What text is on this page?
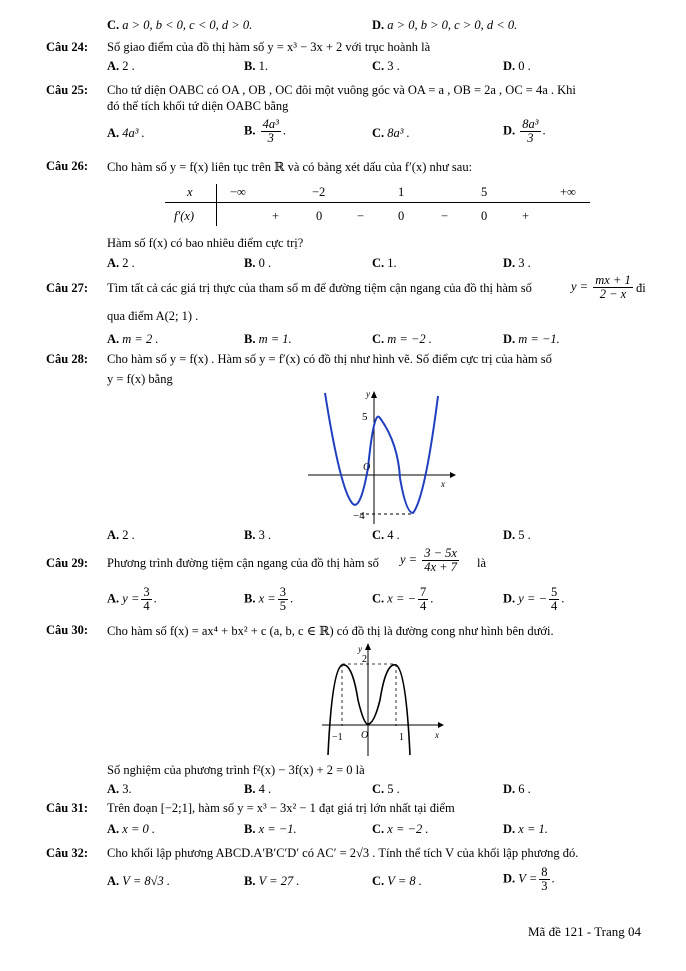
C. a > 0, b < 0, c < 0, d > 0.	D. a > 0, b > 0, c > 0, d < 0.
Câu 24: Số giao điểm của đồ thị hàm số y = x³ − 3x + 2 với trục hoành là
A. 2 .	B. 1.	C. 3 .	D. 0 .
Câu 25: Cho tứ diện OABC có OA , OB , OC đôi một vuông góc và OA = a , OB = 2a , OC = 4a . Khi
đó thể tích khối tứ diện OABC bằng
A. 4a³ .	B. $\frac{\text{4a³}}{3}$ .	C. 8a³ .	D. $\frac{\text{8a³}}{3}$ .
Câu 26: Cho hàm số y = f(x) liên tục trên ℝ và có bảng xét dấu của f′(x) như sau:
x	−∞	−2	1	5	+∞
f′(x)	+	0	−	0	−	0	+
Hàm số f(x) có bao nhiêu điểm cực trị?
A. 2 .	B. 0 .	C. 1.	D. 3 .
Câu 27: Tìm tất cả các giá trị thực của tham số m để đường tiệm cận ngang của đồ thị hàm số	$y = \frac{mx + 1}{2 - x}$ đi
qua điểm A(2; 1) .
A. m = 2 .	B. m = 1.	C. m = −2 .	D. m = −1.
Câu 28: Cho hàm số y = f(x) . Hàm số y = f′(x) có đồ thị như hình vẽ. Số điểm cực trị của hàm số
y = f(x) bằng
y
x
O
5
−4
A. 2 .	B. 3 .	C. 4 .	D. 5 .
Câu 29: Phương trình đường tiệm cận ngang của đồ thị hàm số $y = \frac{3 - 5x}{4x + 7}$ là
A. $y = \frac{3}{4}$ .	B. $x = \frac{3}{5}$ .	C. x = − $\frac{7}{4}$ .	D. y = − $\frac{5}{4}$ .
Câu 30: Cho hàm số f(x) = ax⁴ + bx² + c (a, b, c ∈ ℝ) có đồ thị là đường cong như hình bên dưới.
y
x
O
2
−1	1
Số nghiệm của phương trình f²(x) − 3f(x) + 2 = 0 là
A. 3.	B. 4 .	C. 5 .	D. 6 .
Câu 31: Trên đoạn [−2;1], hàm số y = x³ − 3x² − 1 đạt giá trị lớn nhất tại điểm
A. x = 0 .	B. x = −1.	C. x = −2 .	D. x = 1.
Câu 32: Cho khối lập phương ABCD.A′B′C′D′ có AC′ = 2√3 . Tính thể tích V của khối lập phương đó.
A. V = 8√3 .	B. V = 27 .	C. V = 8 .	D. $V = \frac{8}{3}$ .
Mã đề 121 - Trang 04
